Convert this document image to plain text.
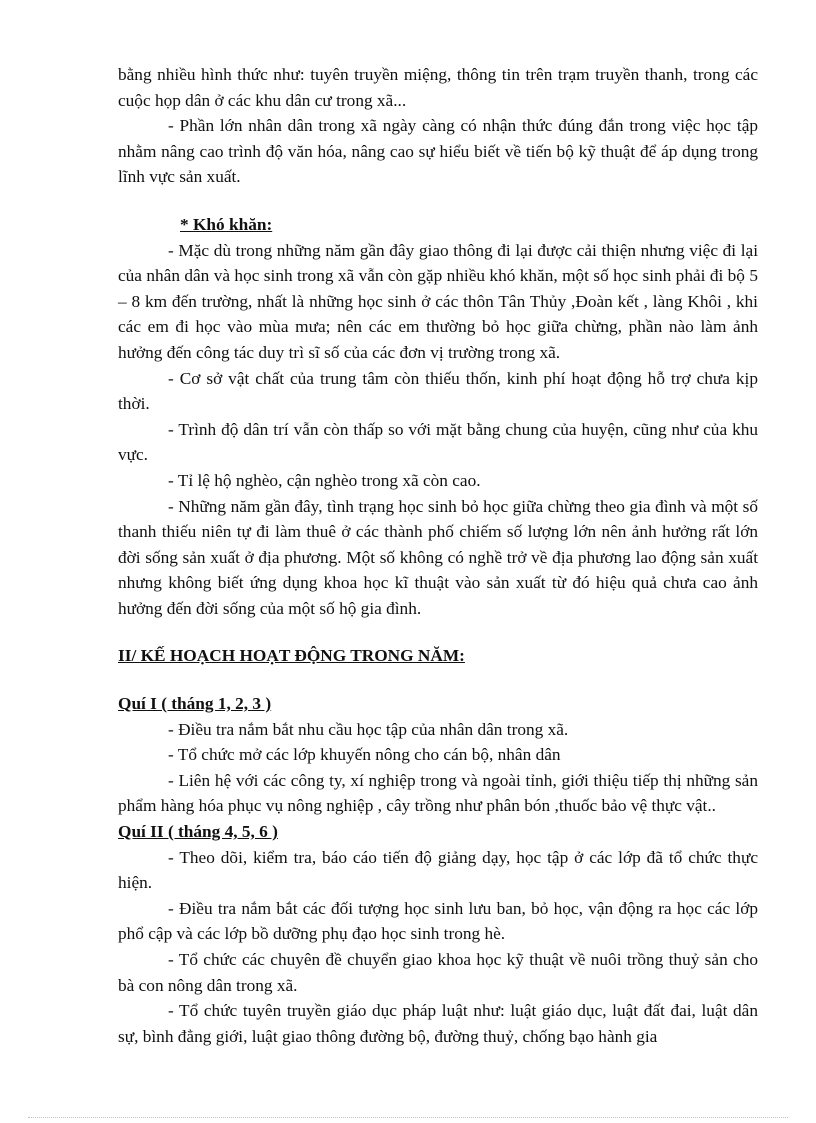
bằng nhiều hình thức như: tuyên truyền miệng, thông tin trên trạm truyền thanh, trong các cuộc họp dân ở các khu dân cư trong xã...

- Phần lớn nhân dân trong xã ngày càng có nhận thức đúng đắn trong việc học tập nhằm nâng cao trình độ văn hóa, nâng cao sự hiểu biết về tiến bộ kỹ thuật để áp dụng trong lĩnh vực sản xuất.

* Khó khăn:

- Mặc dù trong những năm gần đây giao thông đi lại được cải thiện nhưng việc đi lại của nhân dân và học sinh trong xã vẫn còn gặp nhiều khó khăn, một số học sinh phải đi bộ 5 – 8 km đến trường, nhất là những học sinh ở các thôn Tân Thủy ,Đoàn kết , làng Khôi , khi các em đi học vào mùa mưa; nên các em thường bỏ học giữa chừng, phần nào làm ảnh hưởng đến công tác duy trì sĩ số của các đơn vị trường trong xã.

- Cơ sở vật chất của trung tâm còn thiếu thốn, kinh phí hoạt động hỗ trợ chưa kịp thời.

- Trình độ dân trí vẫn còn thấp so với mặt bằng chung của huyện, cũng như của khu vực.

- Tỉ lệ hộ nghèo, cận nghèo trong xã còn cao.

- Những năm gần đây, tình trạng học sinh bỏ học giữa chừng theo gia đình và một số thanh thiếu niên tự đi làm thuê ở các thành phố chiếm số lượng lớn nên ảnh hưởng rất lớn đời sống sản xuất ở địa phương. Một số không có nghề trở về địa phương lao động sản xuất nhưng không biết ứng dụng khoa học kĩ thuật vào sản xuất từ đó hiệu quả chưa cao ảnh hưởng đến đời sống của một số hộ gia đình.

II/ KẾ HOẠCH HOẠT ĐỘNG TRONG NĂM:

Quí I ( tháng 1, 2, 3 )

- Điều tra nắm bắt nhu cầu học tập của nhân dân trong xã.

- Tổ chức mở các lớp khuyến nông cho cán bộ, nhân dân

- Liên hệ với các công ty, xí nghiệp trong và ngoài tỉnh, giới thiệu tiếp thị những sản phẩm hàng hóa phục vụ nông nghiệp , cây trồng như phân bón ,thuốc bảo vệ thực vật..

Quí II ( tháng 4, 5, 6 )

- Theo dõi, kiểm tra, báo cáo tiến độ giảng dạy, học tập ở các lớp đã tổ chức thực hiện.

- Điều tra nắm bắt các đối tượng học sinh lưu ban, bỏ học, vận động ra học các lớp phổ cập và các lớp bồ dưỡng phụ đạo học sinh trong hè.

- Tổ chức các chuyên đề chuyển giao khoa học kỹ thuật về nuôi trồng thuỷ sản cho bà con nông dân trong xã.

- Tổ chức tuyên truyền giáo dục pháp luật như: luật giáo dục, luật đất đai, luật dân sự, bình đẳng giới, luật giao thông đường bộ, đường thuỷ, chống bạo hành gia
